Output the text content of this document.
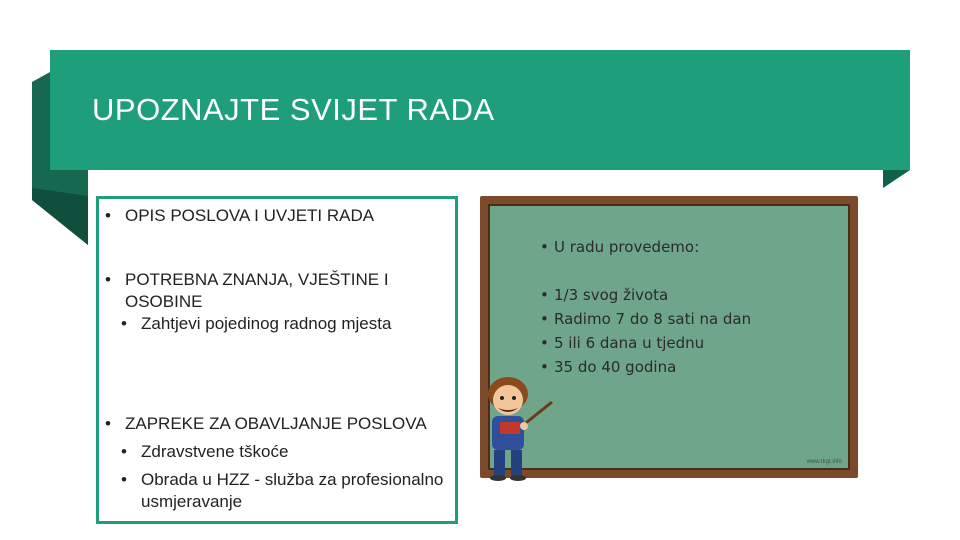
UPOZNAJTE SVIJET RADA
• OPIS POSLOVA I UVJETI RADA
• POTREBNA ZNANJA, VJEŠTINE I OSOBINE
• Zahtjevi pojedinog radnog mjesta
• ZAPREKE ZA OBAVLJANJE POSLOVA
• Zdravstvene tškoće
• Obrada u HZZ - služba za profesionalno usmjeravanje
• U radu provedemo:
• 1/3 svog života
• Radimo 7 do 8 sati na dan
• 5 ili 6 dana u tjednu
• 35 do 40 godina
www.tkgt.info
